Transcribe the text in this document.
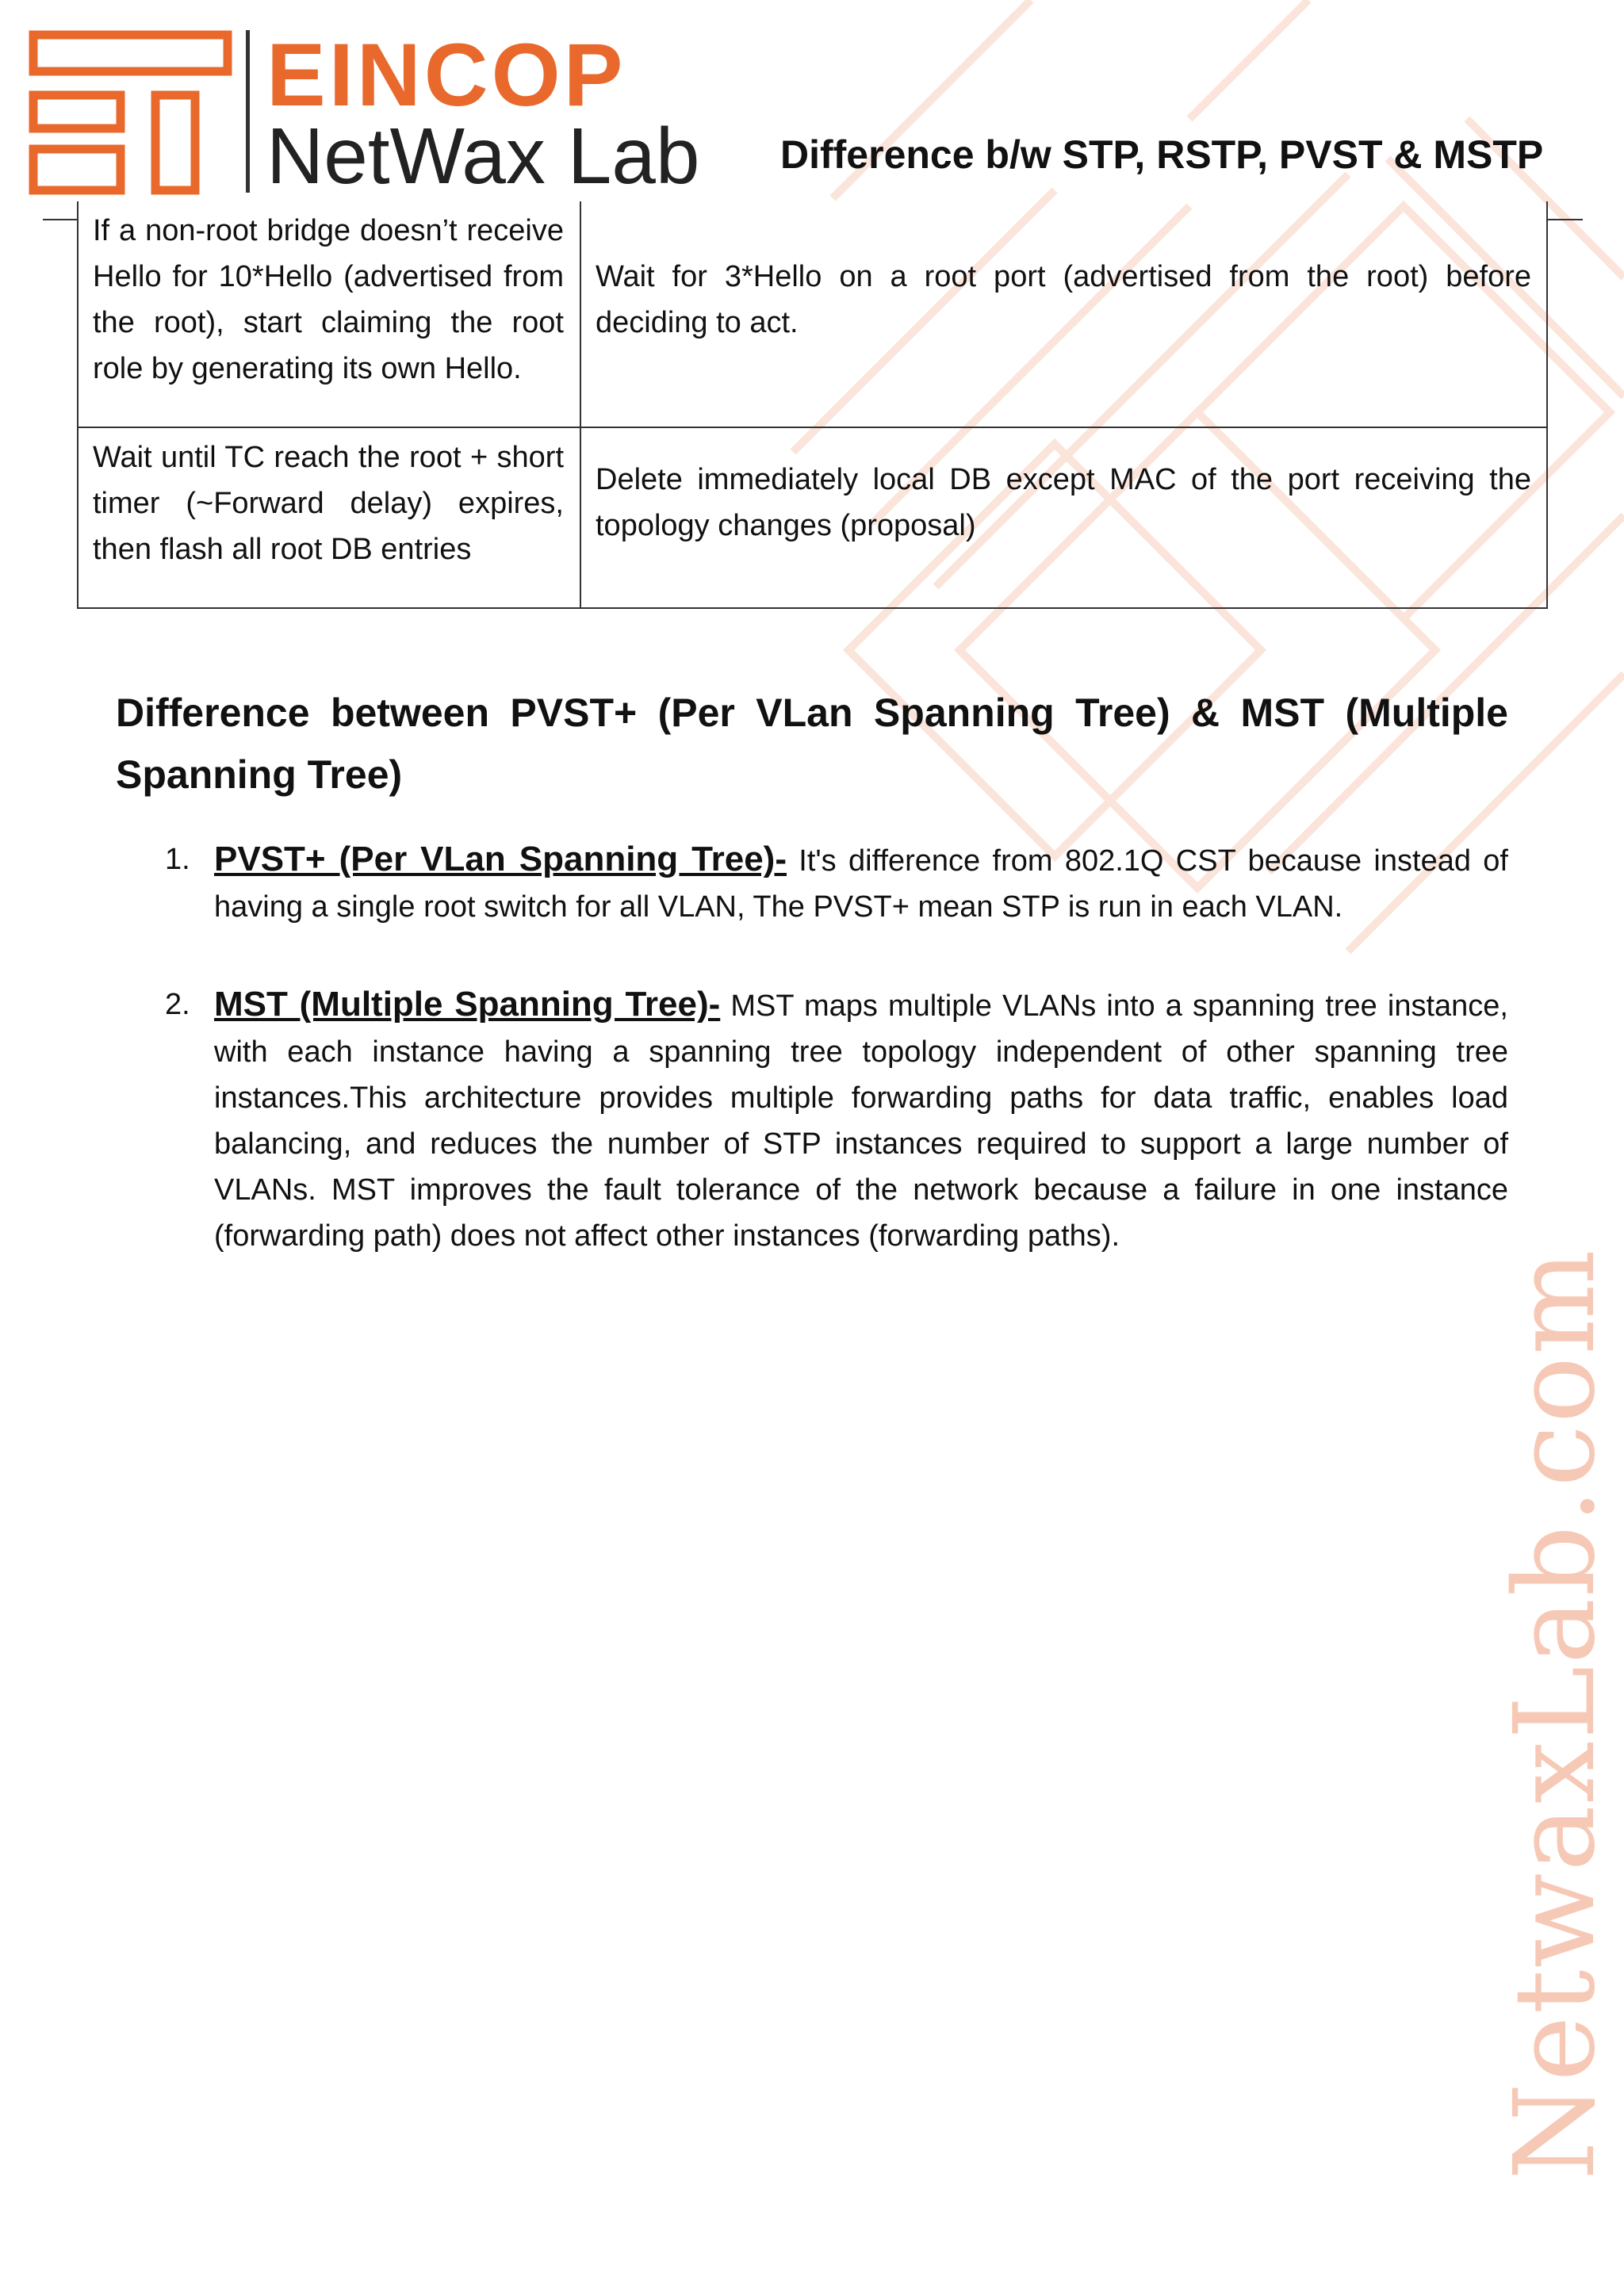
NetwaxLab.com
EINCOP
NetWax Lab Difference b/w STP, RSTP, PVST & MSTP
If a non-root bridge doesn’t receive Hello for 10*Hello (advertised from the root), start claiming the root role by generating its own Hello.
Wait for 3*Hello on a root port (advertised from the root) before deciding to act.
Wait until TC reach the root + short timer (~Forward delay) expires, then flash all root DB entries
Delete immediately local DB except MAC of the port receiving the topology changes (proposal)
Difference between PVST+ (Per VLan Spanning Tree) & MST (Multiple Spanning Tree)
1. PVST+ (Per VLan Spanning Tree)- It's difference from 802.1Q CST because instead of having a single root switch for all VLAN, The PVST+ mean STP is run in each VLAN.
2. MST (Multiple Spanning Tree)- MST maps multiple VLANs into a spanning tree instance, with each instance having a spanning tree topology independent of other spanning tree instances.This architecture provides multiple forwarding paths for data traffic, enables load balancing, and reduces the number of STP instances required to support a large number of VLANs. MST improves the fault tolerance of the network because a failure in one instance (forwarding path) does not affect other instances (forwarding paths).
